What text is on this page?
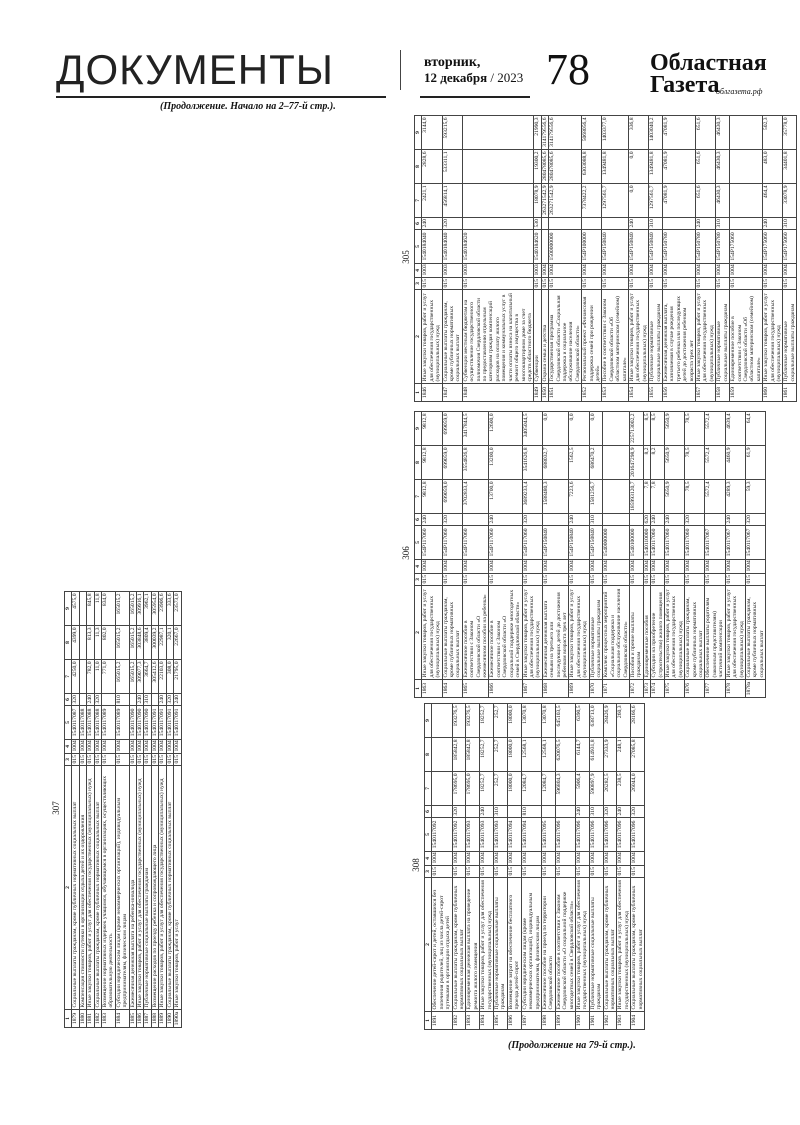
ДОКУМЕНТЫ	вторник,
12 декабря / 2023 78	Областная
Газета
облгазета.рф
(Продолжение. Начало на 2–77-й стр.).
(Продолжение на 79-й стр.).
305
1	2	3	4	5	6	7	8	9
1846	Иные закупки товаров, работ и услуг для обеспечения государственных (муниципальных) нужд	015	1003	1540184040	240	2421,1	2828,6	3144,0
1847	Социальные выплаты гражданам, кроме публичных нормативных социальных выплат	015	1003	1540184040	320	456814,1	533311,1	593215,6
1848	Субвенции местным бюджетам на осуществление государственного полномочия Свердловской области по предоставлению отдельным категориям граждан компенсаций расходов на оплату жилого помещения и коммунальных услуг в части оплаты взноса на капитальный ремонт общего имущества в многоквартирном доме за счет средств областного бюджета	015	1003	1540184620				
1849	Субвенции	015	1003	1540184620	530	18078,9	19300,2	21990,3
1850	Охрана семьи и детства	015	1004			263271542,9	280478085,6	314179556,6
1851	Государственная программа Свердловской области «Социальная поддержка и социальное обслуживание населения Свердловской области»	015	1004	1500000000		263271542,9	280478085,6	314179556,6
1852	Региональный проект «Финансовая поддержка семей при рождении детей»	015	1004	154P100000		7378422,2	6303088,8	5068056,4
1853	Пособие в соответствии с Законом Свердловской области «Об областном материнском (семейном) капитале»	015	1004	154P150840		1297561,7	1349481,8	1403377,0
1854	Иные закупки товаров, работ и услуг для обеспечения государственных (муниципальных) нужд	015	1004	154P150840	240	0,0	0,0	336,8
1855	Публичные нормативные социальные выплаты гражданам	015	1004	154P150840	310	1297561,7	1349481,8	1403040,2
1856	Ежемесячная денежная выплата, назначаемая в случае рождения третьего ребенка или последующих детей до достижения ребенком возраста трех лет	015	1004	154P150780		47081,9	47081,9	47081,9
1857	Иные закупки товаров, работ и услуг для обеспечения государственных (муниципальных) нужд	015	1004	154P150780	240	651,6	651,6	651,6
1858	Публичные нормативные социальные выплаты гражданам	015	1004	154P150780	310	46430,3	46430,3	46430,3
1859	Единовременное пособие в соответствии с Законом Свердловской области «Об областном материнском (семейном) капитале»	015	1004	154P175060				
1860	Иные закупки товаров, работ и услуг для обеспечения государственных (муниципальных) нужд	015	1004	154P175060	240	464,4	483,0	502,3
1861	Публичные нормативные социальные выплаты гражданам	015	1004	154P175060	310	33078,9	34401,8	35778,0
306
1	2	3	4	5	6	7	8	9
1863	Иные закупки товаров, работ и услуг для обеспечения государственных (муниципальных) нужд	015	1004	154P117060	240	9812,8	9812,8	9812,8
1864	Социальные выплаты гражданам, кроме публичных нормативных социальных выплат	015	1004	154P117060	320	699059,0	699059,0	699059,0
1865	Ежемесячное пособие в соответствии с Законом Свердловской области «О ежемесячном пособии на ребенка»	015	1004	154P117060		3702833,4	3554826,8	3417844,5
1866	Ежемесячное пособие в соответствии с Законом Свердловской области «О социальной поддержке многодетных семей в Свердловской области»	015	1004	154P117060	240	13700,0	13200,0	12600,0
1867	Иные закупки товаров, работ и услуг для обеспечения государственных (муниципальных) нужд	015	1004	154P117060	320	3689233,4	3541626,8	3405044,5
1868	Ежемесячная денежная выплата семьям на третьего или последующих детей до достижения ребенком возраста трех лет	015	1004	154P150840		1588480,3	688032,7	0,0
1869	Иные закупки товаров, работ и услуг для обеспечения государственных (муниципальных) нужд	015	1004	154P150840	240	7223,6	1562,5	0,0
1870	Публичные нормативные социальные выплаты гражданам	015	1004	154P150840	310	1581256,7	686470,2	0,0
1871	Комплекс процессных мероприятий «Социальная поддержка и социальное обслуживание населения Свердловской области»	015	1004	1540000000				
1872	Пособия и прочие выплаты гражданам	015	1004	1540100000		185993120,7	201647298,9	225713002,2
1873	Единовременные пособия	015	1004	1540110000	620	7,8	8,2	8,5
1874	Субсидии на приобретение (строительство) жилого помещения	015	1004	1540117060	240	7,8	8,2	8,5
1875	Иные закупки товаров, работ и услуг для обеспечения государственных (муниципальных) нужд	015	1004	1540117060	240	5650,9	5650,9	5650,9
1876	Социальные выплаты гражданам, кроме публичных нормативных социальных выплат	015	1004	1540117060	320	78,5	78,5	78,5
1877	Обеспечение выплаты родителям (законным представителям) частичной компенсации	015	1004	1540117067		5572,4	5572,4	5572,4
1878	Иные закупки товаров, работ и услуг для обеспечения государственных (муниципальных) нужд	015	1004	1540117067	240	4289,3	4460,9	4639,4
1878a	Социальные выплаты гражданам, кроме публичных нормативных социальных выплат	015	1004	1540117067	320	59,3	61,9	64,4
307
1	2	3	4	5	6	7	8	9
1879	Социальные выплаты гражданам, кроме публичных нормативных социальных выплат	015	1004	1540117087	320	4250,0	4399,0	4575,0
1880	Компенсация стоимости путевки в организации отдыха детей и их оздоровления	015	1004	1540117088				
1881	Иные закупки товаров, работ и услуг для обеспечения государственных (муниципальных) нужд	015	1004	1540117088	240	782,0	813,3	845,8
1882	Социальные выплаты гражданам, кроме публичных нормативных социальных выплат	015	1004	1540117088	320	11,0	11,3	11,8
1883	Возмещение нормативных издержек учащимся, обучающимся в организациях, осуществляющих образовательную деятельность	015	1004	1540117089		771,0	802,0	834,0
1884	Субсидии юридическим лицам (кроме некоммерческих организаций), индивидуальным предпринимателям, физическим лицам	015	1004	1540117089	810	165015,2	165015,2	165015,2
1885	Ежемесячная денежная выплата на ребенка-инвалида	015	1004	1540117090		165015,2	165015,2	165015,2
1886	Иные закупки товаров, работ и услуг для обеспечения государственных (муниципальных) нужд	015	1004	1540117090	240	309077,3	303848,6	309916,1
1887	Публичные нормативные социальные выплаты гражданам	015	1004	1540117090	310	3664,7	3809,4	3962,1
1888	Возмещение расходов по проезду ребенка и сопровождающего лица	015	1004	1540117091		305412,6	300039,2	305954,0
1889	Иные закупки товаров, работ и услуг для обеспечения государственных (муниципальных) нужд	015	1004	1540117091	240	22103,0	22987,1	23906,6
1890	Социальные выплаты гражданам, кроме публичных нормативных социальных выплат	015	1004	1540117091	320	308,0	320,1	333,6
1890a	Иные закупки товаров, работ и услуг	015	1004	1540117091	240	21795,0	22667,0	23573,0
308
1	2	3	4	5	6	7	8	9
1891	Обеспечение детей-сирот и детей, оставшихся без попечения родителей, лиц из числа детей-сирот путевками в организации отдыха детей	015	1004	1540117092				
1892	Социальные выплаты гражданам, кроме публичных нормативных социальных выплат	015	1004	1540117092	320	178695,0	185842,8	193276,5
1893	Единовременная денежная выплата на проведение ремонта жилого помещения	015	1004	1540117093		178695,0	185842,8	193276,5
1894	Иные закупки товаров, работ и услуг для обеспечения государственных (муниципальных) нужд	015	1004	1540117093	240	18252,7	18252,7	18252,7
1895	Публичные нормативные социальные выплаты гражданам	015	1004	1540117093	310	252,7	252,7	252,7
1896	Возмещение затрат на обеспечение бесплатного проезда детей-сирот	015	1004	1540117094		18000,0	18000,0	18000,0
1897	Субсидии юридическим лицам (кроме некоммерческих организаций), индивидуальным предпринимателям, физическим лицам	015	1004	1540117094	810	12084,7	12568,1	13070,8
1898	Ежемесячное пособие на проезд по территории Свердловской области	015	1004	1540117095		12084,7	12568,1	13070,8
1899	Ежемесячное пособие в соответствии с Законом Свердловской области «О социальной поддержке многодетных семей в Свердловской области»	015	1004	1540117096		596804,3	620076,5	645103,5
1900	Иные закупки товаров, работ и услуг для обеспечения государственных (муниципальных) нужд	015	1004	1540117096	240	5906,4	6144,7	6390,5
1901	Публичные нормативные социальные выплаты гражданам	015	1004	1540117096	310	590897,9	614931,8	638713,0
1902	Социальные выплаты гражданам, кроме публичных нормативных социальных выплат	015	1004	1540117096	320	26282,5	27333,9	28426,9
1903	Иные закупки товаров, работ и услуг для обеспечения государственных (муниципальных) нужд	015	1004	1540117096	240	238,5	248,1	260,3
1904	Социальные выплаты гражданам, кроме публичных нормативных социальных выплат	015	1004	1540117096	320	26044,0	27085,8	28166,6
